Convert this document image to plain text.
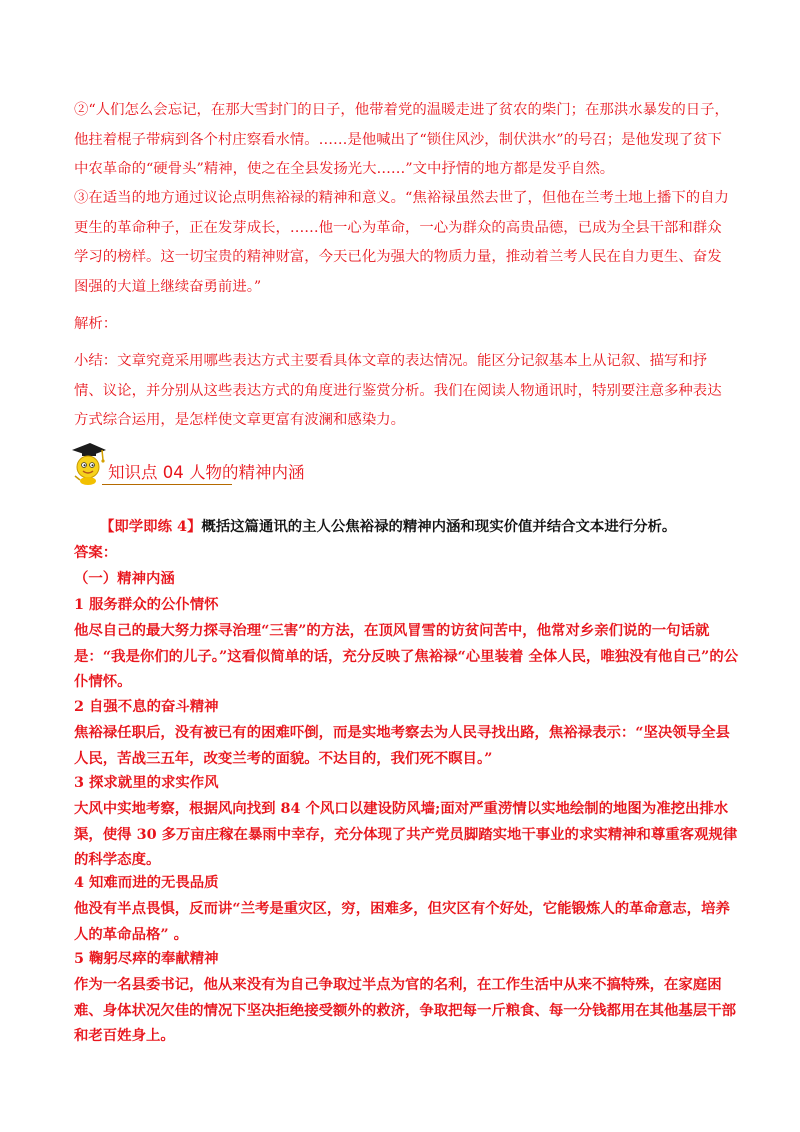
②“人们怎么会忘记，在那大雪封门的日子，他带着党的温暖走进了贫农的柴门；在那洪水暴发的日子，他拄着棍子带病到各个村庄察看水情。……是他喊出了“锁住风沙，制伏洪水”的号召；是他发现了贫下中农革命的“硬骨头”精神，使之在全县发扬光大……”文中抒情的地方都是发乎自然。

③在适当的地方通过议论点明焦裕禄的精神和意义。“焦裕禄虽然去世了，但他在兰考土地上播下的自力更生的革命种子，正在发芽成长，……他一心为革命，一心为群众的高贵品德，已成为全县干部和群众学习的榜样。这一切宝贵的精神财富，今天已化为强大的物质力量，推动着兰考人民在自力更生、奋发图强的大道上继续奋勇前进。”

解析：

小结：文章究竟采用哪些表达方式主要看具体文章的表达情况。能区分记叙基本上从记叙、描写和抒情、议论，并分别从这些表达方式的角度进行鉴赏分析。我们在阅读人物通讯时，特别要注意多种表达方式综合运用，是怎样使文章更富有波澜和感染力。

知识点 04 人物的精神内涵

【即学即练 4】概括这篇通讯的主人公焦裕禄的精神内涵和现实价值并结合文本进行分析。

答案：

（一）精神内涵

1 服务群众的公仆情怀

他尽自己的最大努力探寻治理“三害”的方法，在顶风冒雪的访贫问苦中，他常对乡亲们说的一句话就是：“我是你们的儿子。”这看似简单的话，充分反映了焦裕禄“心里装着 全体人民，唯独没有他自己”的公仆情怀。

2 自强不息的奋斗精神

焦裕禄任职后，没有被已有的困难吓倒，而是实地考察去为人民寻找出路，焦裕禄表示：“坚决领导全县人民，苦战三五年，改变兰考的面貌。不达目的，我们死不瞑目。”

3 探求就里的求实作风

大风中实地考察，根据风向找到 84 个风口以建设防风墙;面对严重涝情以实地绘制的地图为准挖出排水渠，使得 30 多万亩庄稼在暴雨中幸存，充分体现了共产党员脚踏实地干事业的求实精神和尊重客观规律的科学态度。

4 知难而进的无畏品质

他没有半点畏惧，反而讲“兰考是重灾区，穷，困难多，但灾区有个好处，它能锻炼人的革命意志，培养人的革命品格” 。

5 鞠躬尽瘁的奉献精神

作为一名县委书记，他从来没有为自己争取过半点为官的名利，在工作生活中从来不搞特殊，在家庭困难、身体状况欠佳的情况下坚决拒绝接受额外的救济，争取把每一斤粮食、每一分钱都用在其他基层干部和老百姓身上。
